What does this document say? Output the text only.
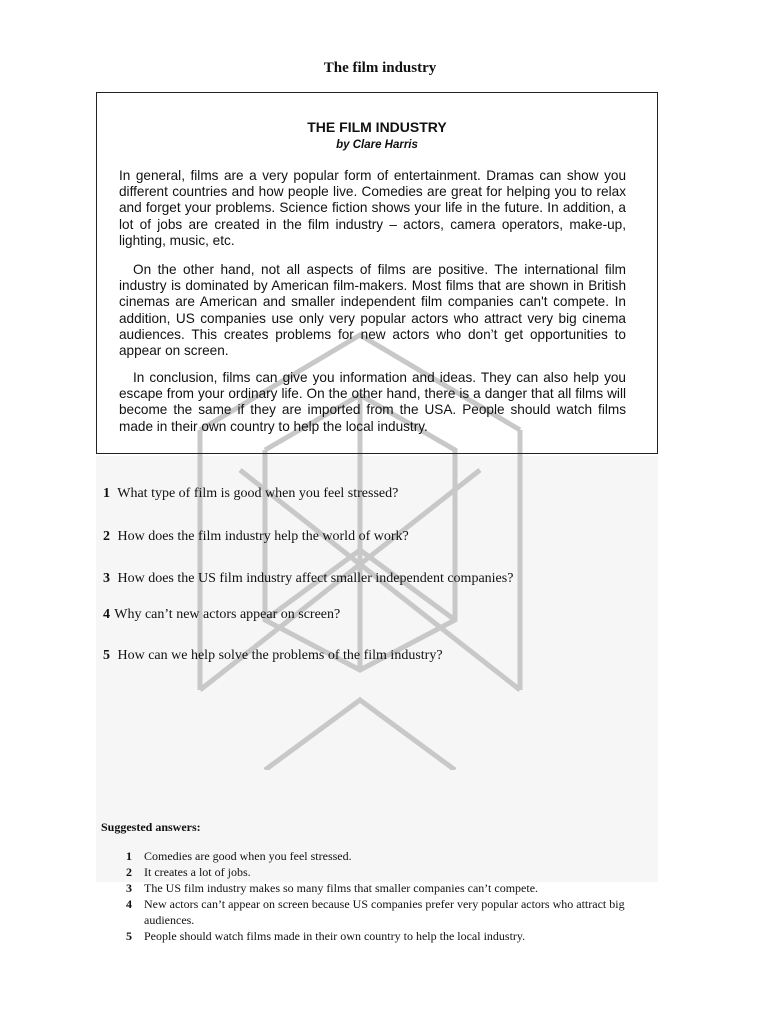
The film industry
THE FILM INDUSTRY
by Clare Harris

In general, films are a very popular form of entertainment. Dramas can show you different countries and how people live. Comedies are great for helping you to relax and forget your problems. Science fiction shows your life in the future. In addition, a lot of jobs are created in the film industry – actors, camera operators, make-up, lighting, music, etc.

On the other hand, not all aspects of films are positive. The international film industry is dominated by American film-makers. Most films that are shown in British cinemas are American and smaller independent film companies can't compete. In addition, US companies use only very popular actors who attract very big cinema audiences. This creates problems for new actors who don’t get opportunities to appear on screen.

In conclusion, films can give you information and ideas. They can also help you escape from your ordinary life. On the other hand, there is a danger that all films will become the same if they are imported from the USA. People should watch films made in their own country to help the local industry.

1 What type of film is good when you feel stressed?
2 How does the film industry help the world of work?
3 How does the US film industry affect smaller independent companies?
4 Why can’t new actors appear on screen?
5 How can we help solve the problems of the film industry?
Suggested answers:
1 Comedies are good when you feel stressed.
2 It creates a lot of jobs.
3 The US film industry makes so many films that smaller companies can’t compete.
4 New actors can’t appear on screen because US companies prefer very popular actors who attract big audiences.
5 People should watch films made in their own country to help the local industry.
